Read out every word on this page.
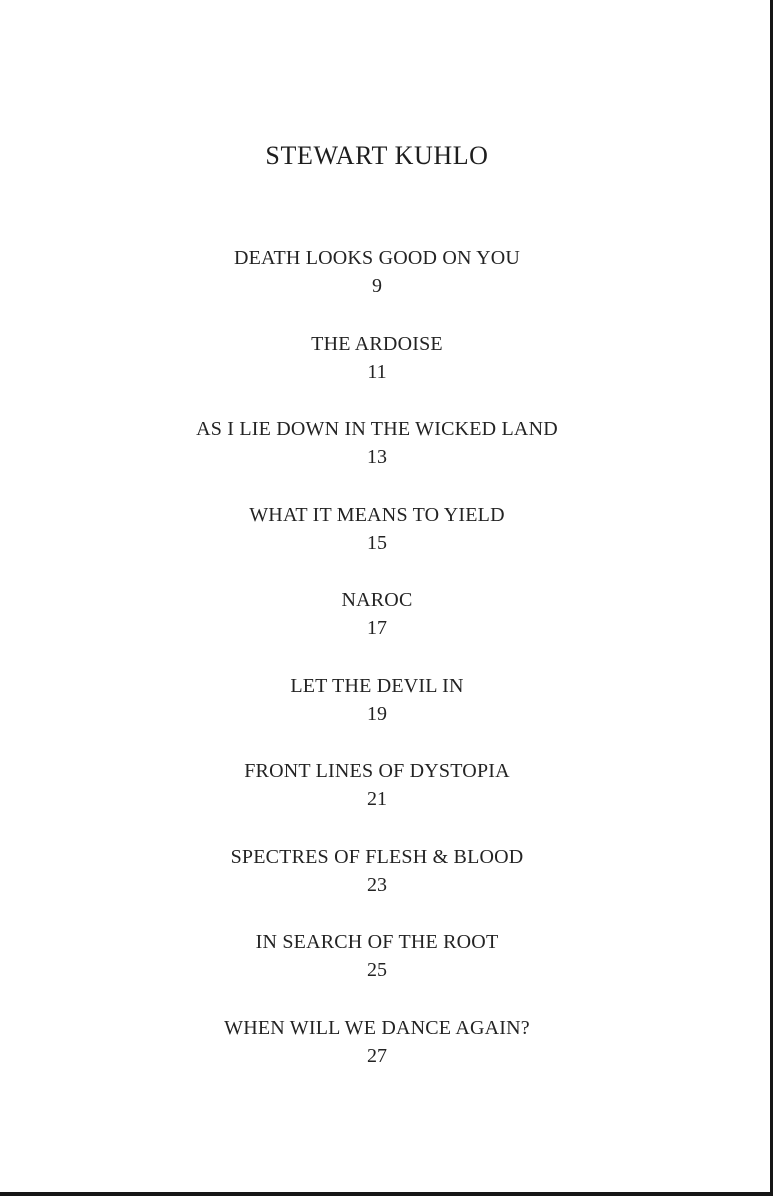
STEWART KUHLO
DEATH LOOKS GOOD ON YOU
9
THE ARDOISE
11
AS I LIE DOWN IN THE WICKED LAND
13
WHAT IT MEANS TO YIELD
15
NAROC
17
LET THE DEVIL IN
19
FRONT LINES OF DYSTOPIA
21
SPECTRES OF FLESH & BLOOD
23
IN SEARCH OF THE ROOT
25
WHEN WILL WE DANCE AGAIN?
27
